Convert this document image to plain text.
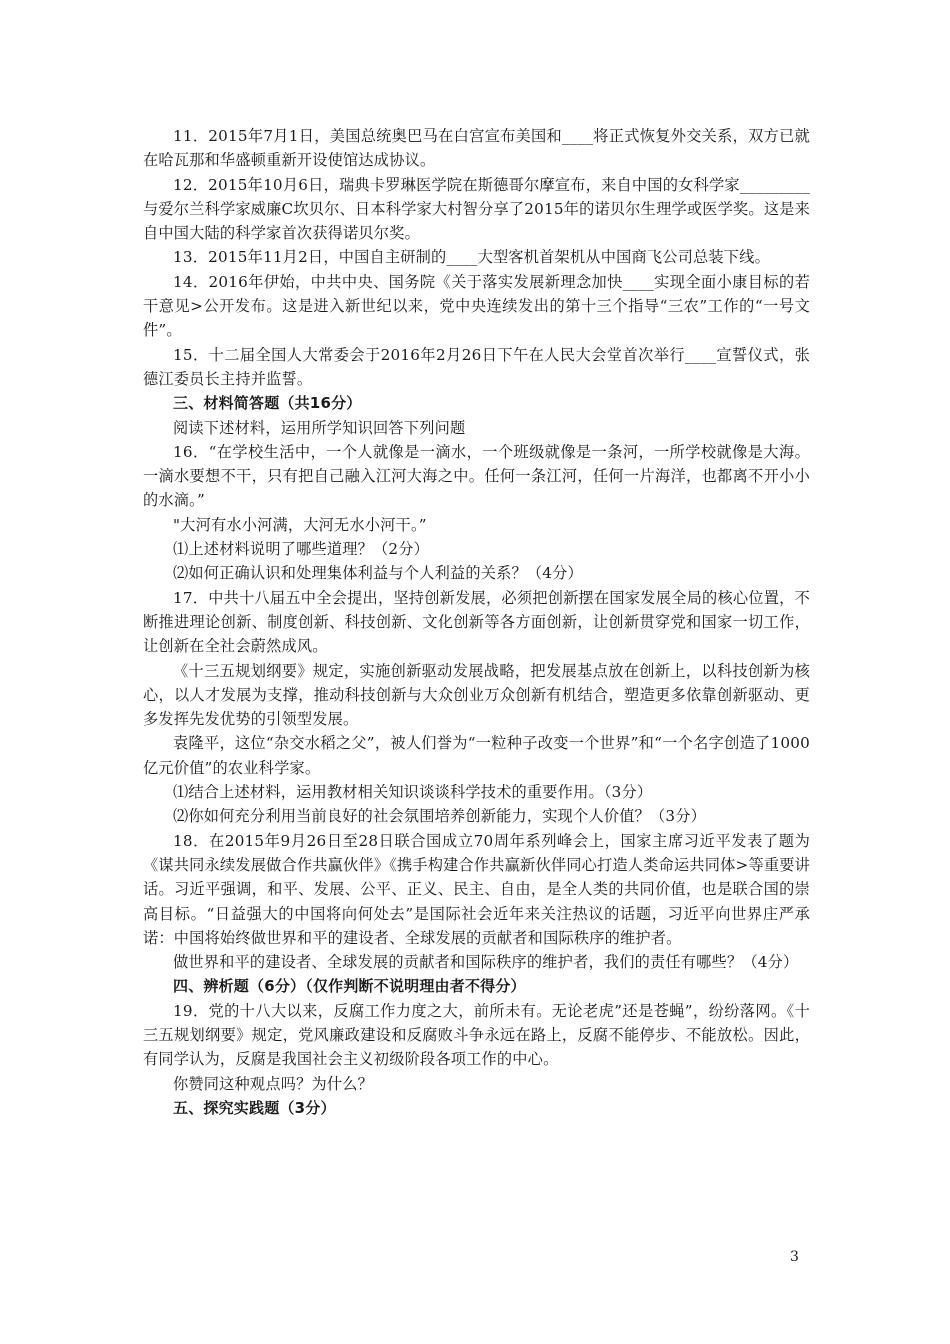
11．2015年7月1日，美国总统奥巴马在白宫宣布美国和____将正式恢复外交关系，双方已就在哈瓦那和华盛顿重新开设使馆达成协议。

12．2015年10月6日，瑞典卡罗琳医学院在斯德哥尔摩宣布，来自中国的女科学家_________与爱尔兰科学家威廉C坎贝尔、日本科学家大村智分享了2015年的诺贝尔生理学或医学奖。这是来自中国大陆的科学家首次获得诺贝尔奖。

13．2015年11月2日，中国自主研制的____大型客机首架机从中国商飞公司总装下线。

14．2016年伊始，中共中央、国务院《关于落实发展新理念加快____实现全面小康目标的若干意见>公开发布。这是进入新世纪以来，党中央连续发出的第十三个指导“三农”工作的“一号文件”。

15．十二届全国人大常委会于2016年2月26日下午在人民大会堂首次举行____宣誓仪式，张德江委员长主持并监誓。

三、材料简答题（共16分）

阅读下述材料，运用所学知识回答下列问题

16．“在学校生活中，一个人就像是一滴水，一个班级就像是一条河，一所学校就像是大海。一滴水要想不干，只有把自己融入江河大海之中。任何一条江河，任何一片海洋，也都离不开小小的水滴。”

"大河有水小河满，大河无水小河干。”

⑴上述材料说明了哪些道理？（2分）

⑵如何正确认识和处理集体利益与个人利益的关系？（4分）

17．中共十八届五中全会提出，坚持创新发展，必须把创新摆在国家发展全局的核心位置，不断推进理论创新、制度创新、科技创新、文化创新等各方面创新，让创新贯穿党和国家一切工作，让创新在全社会蔚然成风。

《十三五规划纲要》规定，实施创新驱动发展战略，把发展基点放在创新上，以科技创新为核心，以人才发展为支撑，推动科技创新与大众创业万众创新有机结合，塑造更多依靠创新驱动、更多发挥先发优势的引领型发展。

袁隆平，这位“杂交水稻之父”，被人们誉为“一粒种子改变一个世界”和“一个名字创造了1000亿元价值”的农业科学家。

⑴结合上述材料，运用教材相关知识谈谈科学技术的重要作用。（3分）

⑵你如何充分利用当前良好的社会氛围培养创新能力，实现个人价值？（3分）

18．在2015年9月26日至28日联合国成立70周年系列峰会上，国家主席习近平发表了题为《谋共同永续发展做合作共赢伙伴》《携手构建合作共赢新伙伴同心打造人类命运共同体>等重要讲话。习近平强调，和平、发展、公平、正义、民主、自由，是全人类的共同价值，也是联合国的崇高目标。“日益强大的中国将向何处去”是国际社会近年来关注热议的话题，习近平向世界庄严承诺：中国将始终做世界和平的建设者、全球发展的贡献者和国际秩序的维护者。

做世界和平的建设者、全球发展的贡献者和国际秩序的维护者，我们的责任有哪些？（4分）

四、辨析题（6分）（仅作判断不说明理由者不得分）

19．党的十八大以来，反腐工作力度之大，前所未有。无论老虎”还是苍蝇”，纷纷落网。《十三五规划纲要》规定，党风廉政建设和反腐败斗争永远在路上，反腐不能停步、不能放松。因此，有同学认为，反腐是我国社会主义初级阶段各项工作的中心。

你赞同这种观点吗？为什么？

五、探究实践题（3分）

3
